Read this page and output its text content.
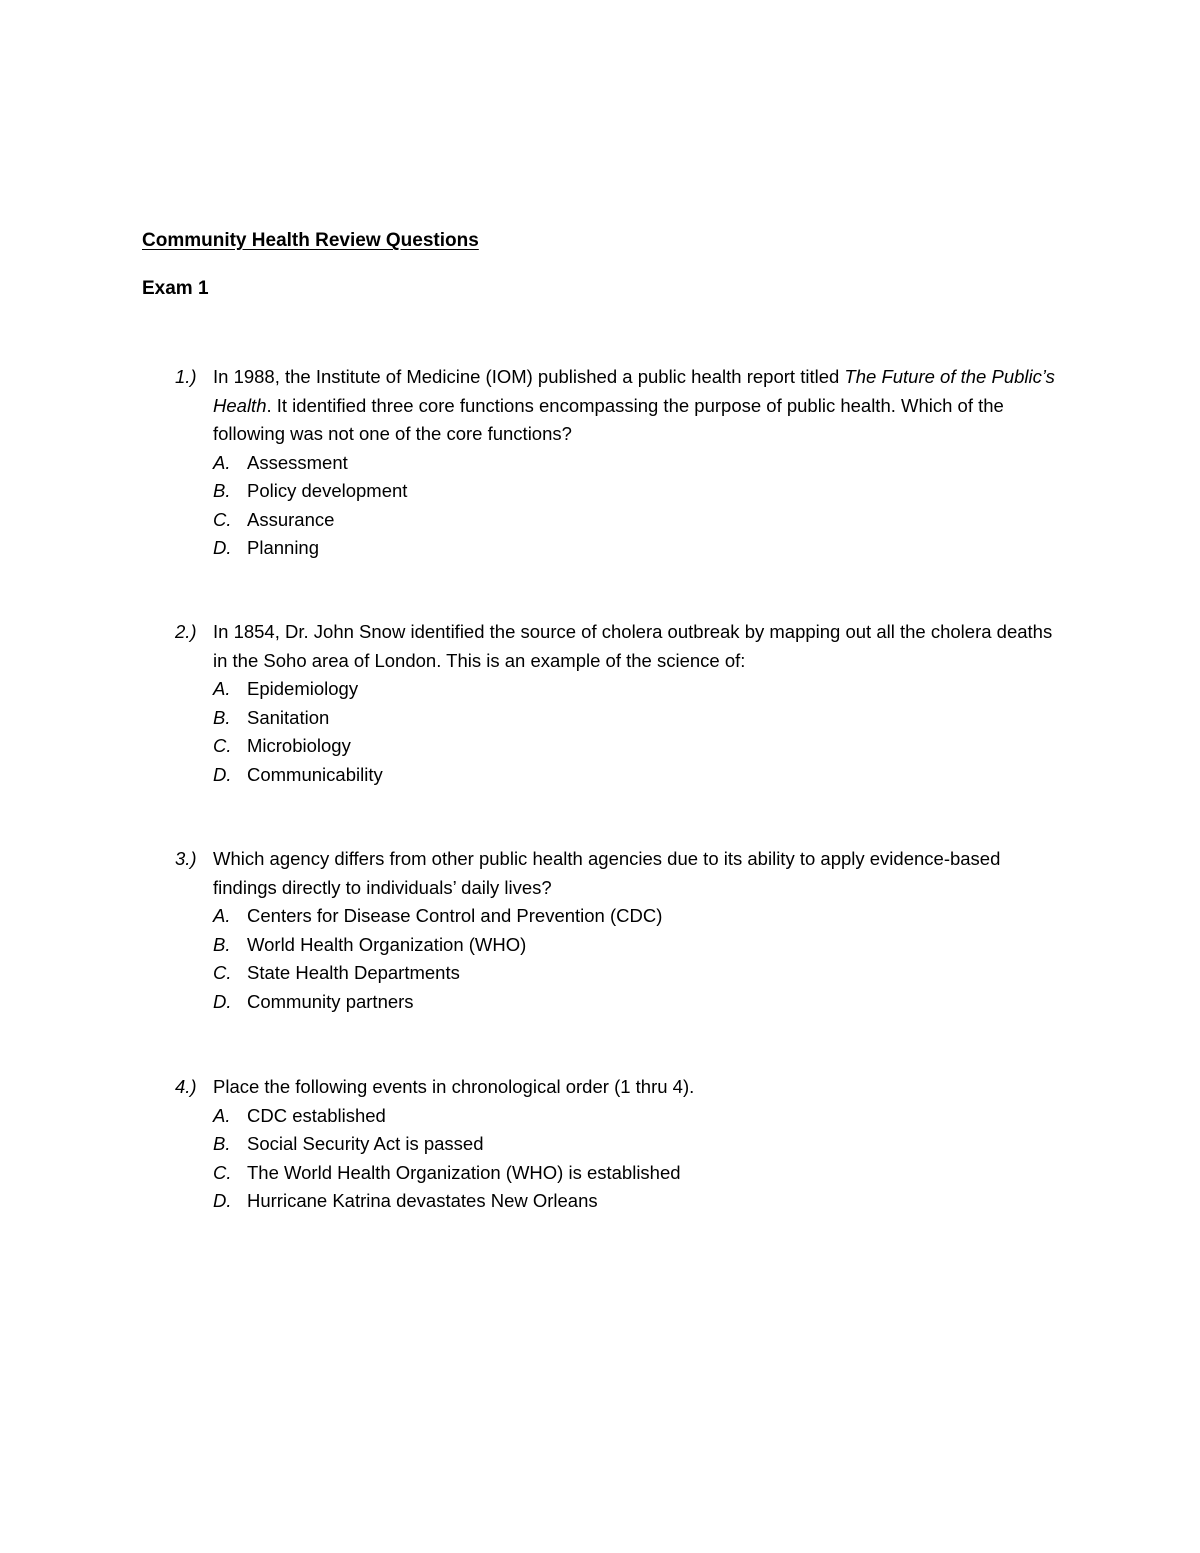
Community Health Review Questions
Exam 1
1.) In 1988, the Institute of Medicine (IOM) published a public health report titled The Future of the Public’s Health. It identified three core functions encompassing the purpose of public health. Which of the following was not one of the core functions?
A. Assessment
B. Policy development
C. Assurance
D. Planning
2.) In 1854, Dr. John Snow identified the source of cholera outbreak by mapping out all the cholera deaths in the Soho area of London. This is an example of the science of:
A. Epidemiology
B. Sanitation
C. Microbiology
D. Communicability
3.) Which agency differs from other public health agencies due to its ability to apply evidence-based findings directly to individuals’ daily lives?
A. Centers for Disease Control and Prevention (CDC)
B. World Health Organization (WHO)
C. State Health Departments
D. Community partners
4.) Place the following events in chronological order (1 thru 4).
A. CDC established
B. Social Security Act is passed
C. The World Health Organization (WHO) is established
D. Hurricane Katrina devastates New Orleans
